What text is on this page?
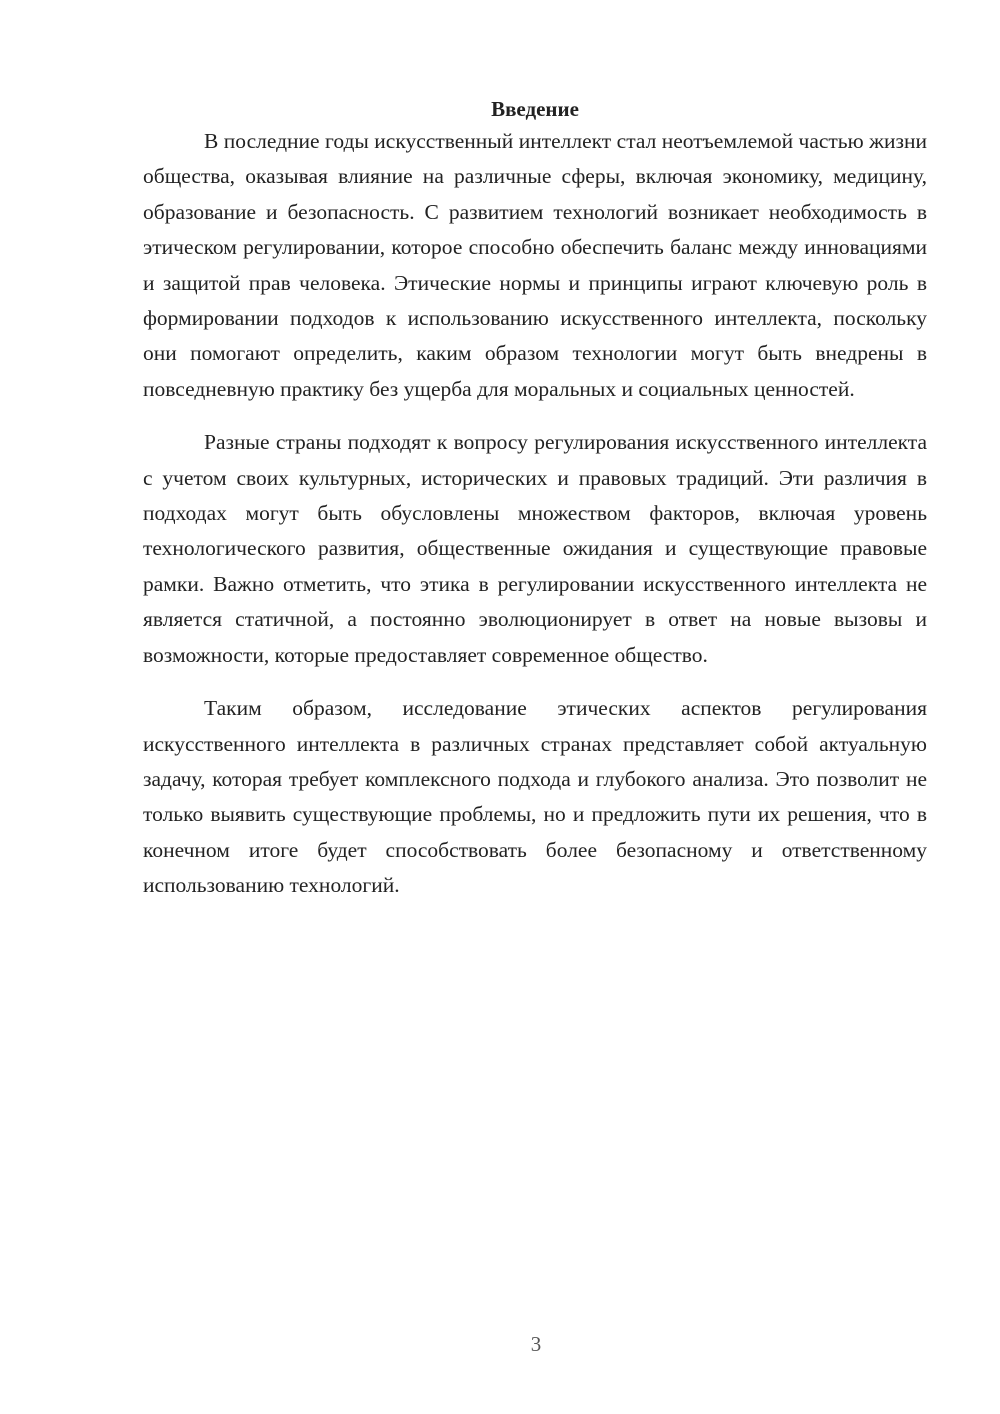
Введение

В последние годы искусственный интеллект стал неотъемлемой частью жизни общества, оказывая влияние на различные сферы, включая экономику, медицину, образование и безопасность. С развитием технологий возникает необходимость в этическом регулировании, которое способно обеспечить баланс между инновациями и защитой прав человека. Этические нормы и принципы играют ключевую роль в формировании подходов к использованию искусственного интеллекта, поскольку они помогают определить, каким образом технологии могут быть внедрены в повседневную практику без ущерба для моральных и социальных ценностей.

Разные страны подходят к вопросу регулирования искусственного интеллекта с учетом своих культурных, исторических и правовых традиций. Эти различия в подходах могут быть обусловлены множеством факторов, включая уровень технологического развития, общественные ожидания и существующие правовые рамки. Важно отметить, что этика в регулировании искусственного интеллекта не является статичной, а постоянно эволюционирует в ответ на новые вызовы и возможности, которые предоставляет современное общество.

Таким образом, исследование этических аспектов регулирования искусственного интеллекта в различных странах представляет собой актуальную задачу, которая требует комплексного подхода и глубокого анализа. Это позволит не только выявить существующие проблемы, но и предложить пути их решения, что в конечном итоге будет способствовать более безопасному и ответственному использованию технологий.

3
